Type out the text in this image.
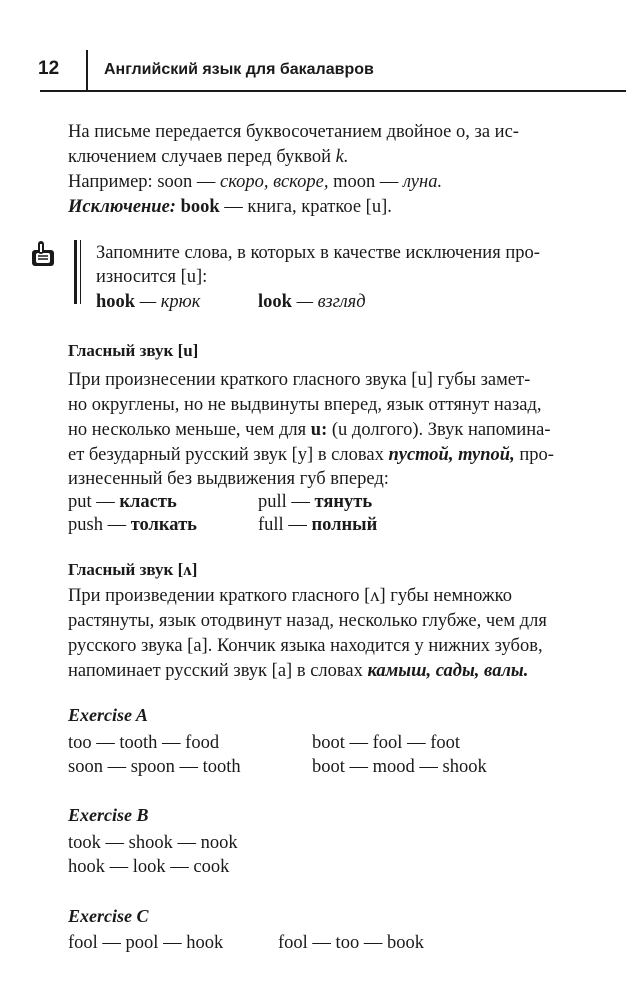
12	Английский язык для бакалавров
На письме передается буквосочетанием двойное о, за ис-
ключением случаев перед буквой k.
Например: soon — скоро, вскоре, moon — луна.
Исключение: book — книга, краткое [u].
Запомните слова, в которых в качестве исключения про-
износится [u]:
hook — крюк	look — взгляд
Гласный звук [u]
При произнесении краткого гласного звука [u] губы замет-
но округлены, но не выдвинуты вперед, язык оттянут назад,
но несколько меньше, чем для u: (u долгого). Звук напомина-
ет безударный русский звук [у] в словах пустой, тупой, про-
изнесенный без выдвижения губ вперед:
put — класть	pull — тянуть
push — толкать	full — полный
Гласный звук [ʌ]
При произведении краткого гласного [ʌ] губы немножко
растянуты, язык отодвинут назад, несколько глубже, чем для
русского звука [а]. Кончик языка находится у нижних зубов,
напоминает русский звук [а] в словах камыш, сады, валы.
Exercise A
too — tooth — food	boot — fool — foot
soon — spoon — tooth	boot — mood — shook
Exercise B
took — shook — nook
hook — look — cook
Exercise C
fool — pool — hook	fool — too — book
